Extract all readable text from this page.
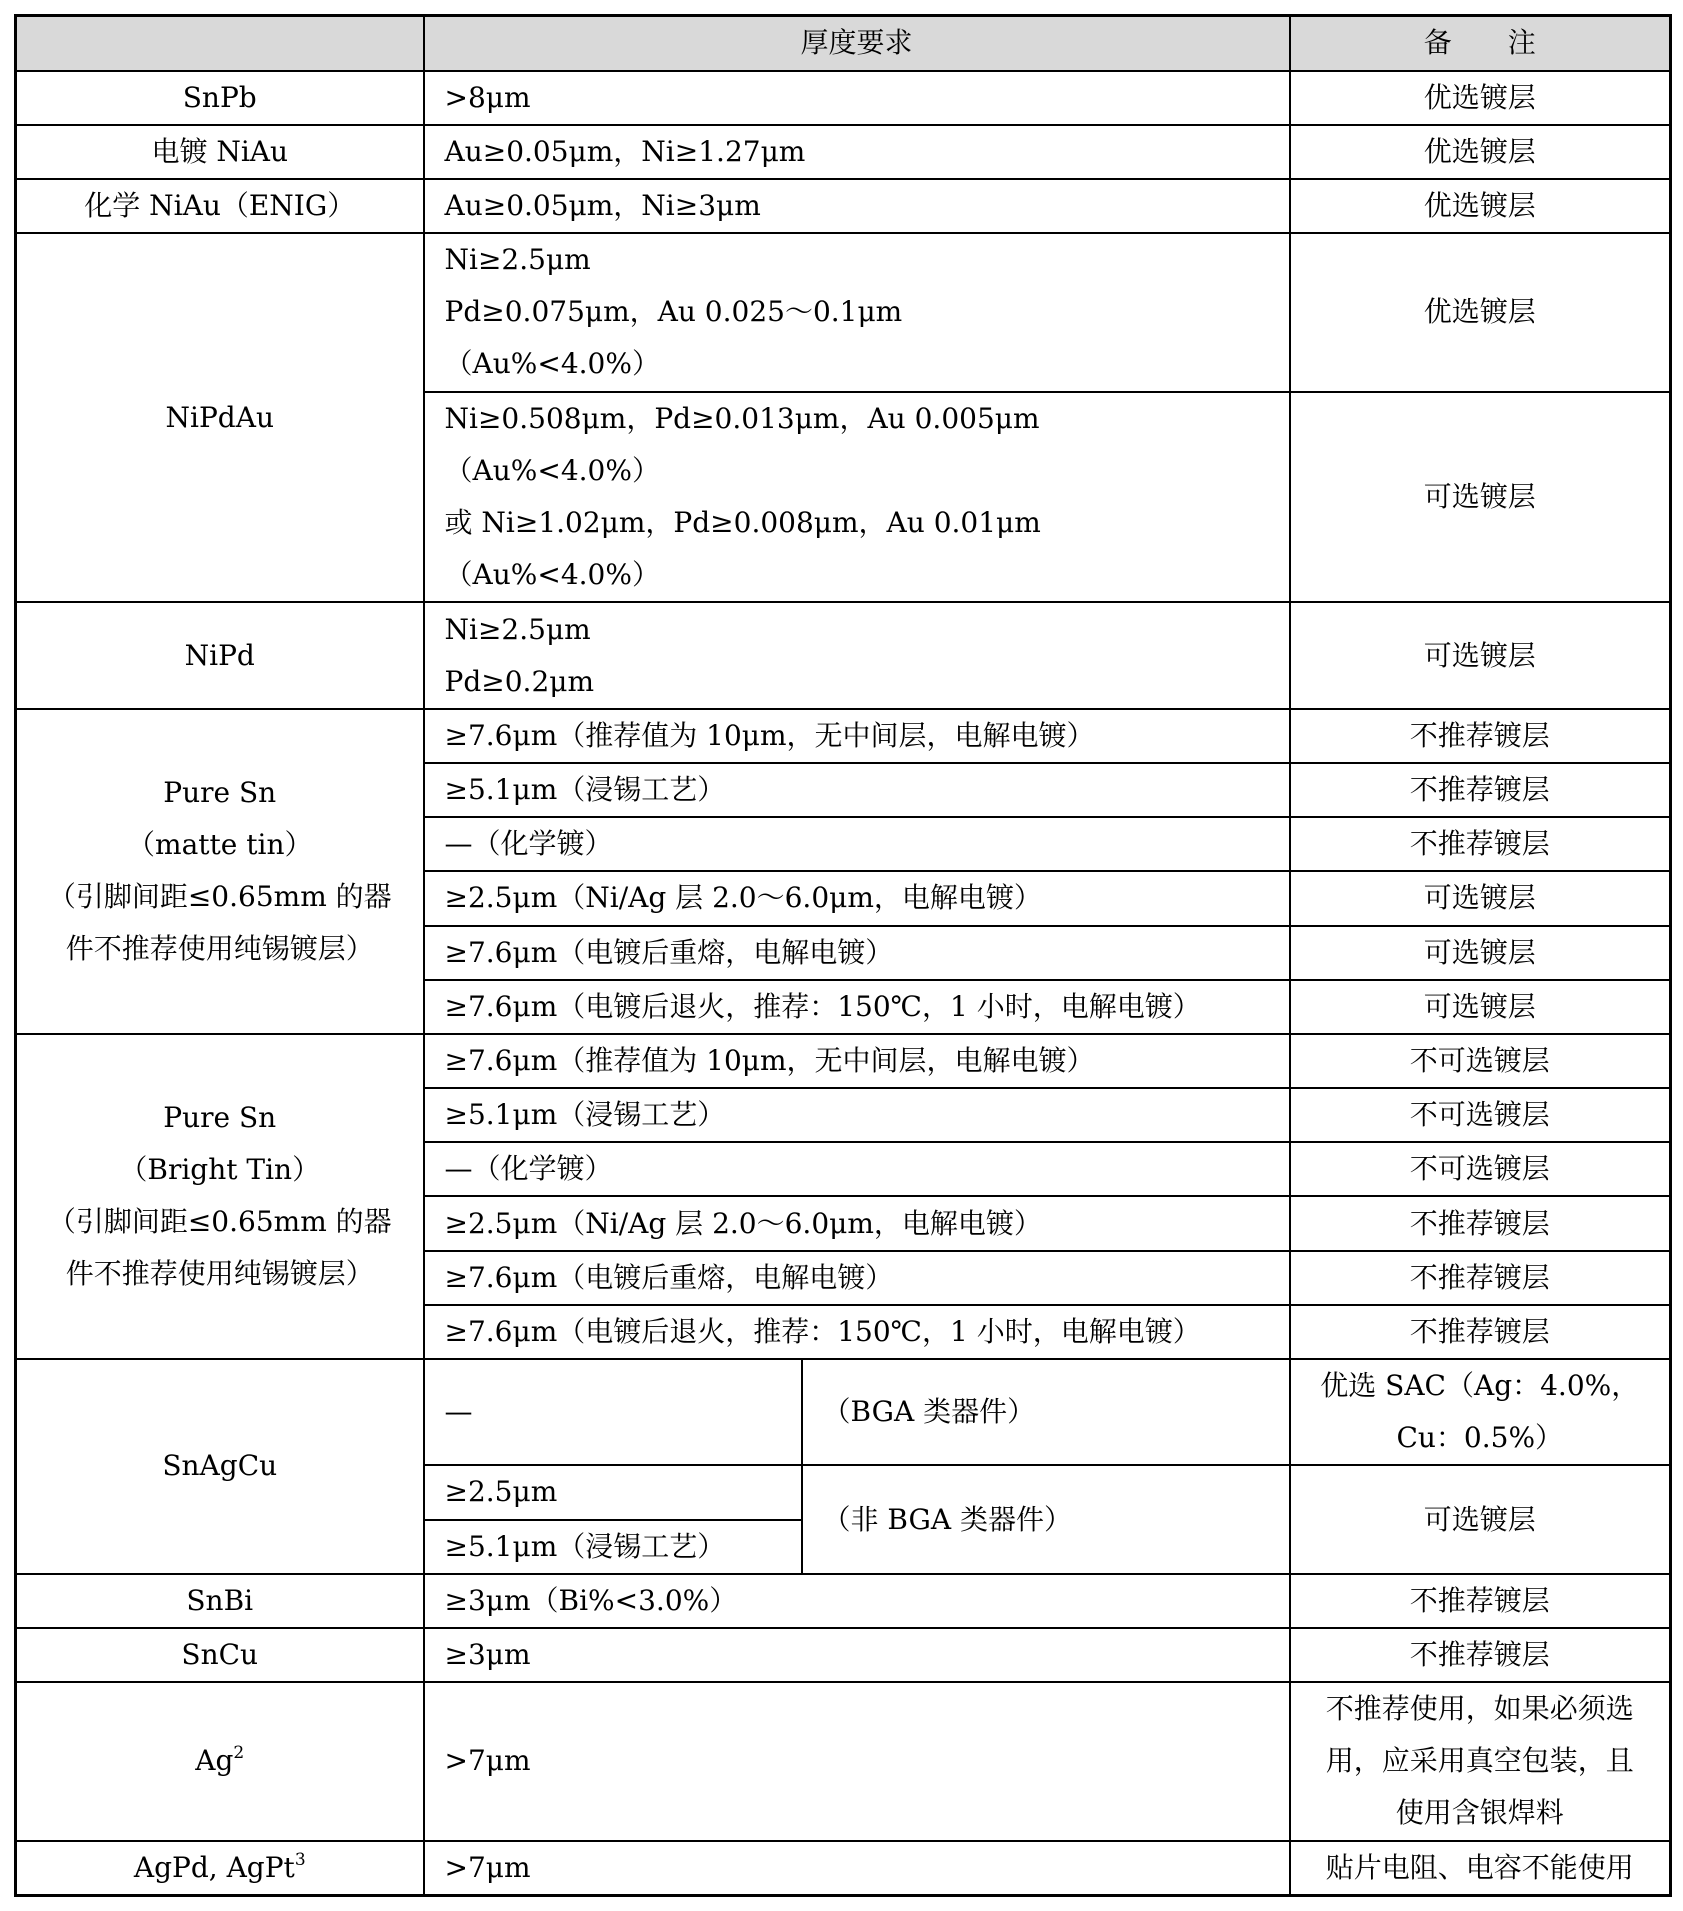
	厚度要求		备　　注
SnPb	>8μm		优选镀层
电镀 NiAu	Au≥0.05μm，Ni≥1.27μm		优选镀层
化学 NiAu（ENIG）	Au≥0.05μm，Ni≥3μm		优选镀层
NiPdAu	Ni≥2.5μm
Pd≥0.075μm，Au 0.025～0.1μm
（Au%<4.0%）		优选镀层

	Ni≥0.508μm，Pd≥0.013μm，Au 0.005μm
（Au%<4.0%）
或 Ni≥1.02μm，Pd≥0.008μm，Au 0.01μm
（Au%<4.0%）		可选镀层
NiPd	Ni≥2.5μm
Pd≥0.2μm		可选镀层

Pure Sn
（matte tin）
（引脚间距≤0.65mm 的器
件不推荐使用纯锡镀层）	≥7.6μm（推荐值为 10μm，无中间层，电解电镀）		不推荐镀层
	≥5.1μm（浸锡工艺）		不推荐镀层
	—（化学镀）		不推荐镀层
	≥2.5μm（Ni/Ag 层 2.0～6.0μm，电解电镀）		可选镀层
	≥7.6μm（电镀后重熔，电解电镀）		可选镀层
	≥7.6μm（电镀后退火，推荐：150℃，1 小时，电解电镀）		可选镀层

Pure Sn
（Bright Tin）
（引脚间距≤0.65mm 的器
件不推荐使用纯锡镀层）	≥7.6μm（推荐值为 10μm，无中间层，电解电镀）		不可选镀层
	≥5.1μm（浸锡工艺）		不可选镀层
	—（化学镀）		不可选镀层
	≥2.5μm（Ni/Ag 层 2.0～6.0μm，电解电镀）		不推荐镀层
	≥7.6μm（电镀后重熔，电解电镀）		不推荐镀层
	≥7.6μm（电镀后退火，推荐：150℃，1 小时，电解电镀）		不推荐镀层
SnAgCu	—	（BGA 类器件）	优选 SAC（Ag：4.0%，
Cu：0.5%）

	≥2.5μm	（非 BGA 类器件）	可选镀层
	≥5.1μm（浸锡工艺）		
SnBi	≥3μm（Bi%<3.0%）		不推荐镀层
SnCu	≥3μm		不推荐镀层
$Ag^2$	>7μm		不推荐使用，如果必须选
用，应采用真空包装，且
使用含银焊料

AgPd, AgPt$^3$	>7μm		贴片电阻、电容不能使用
